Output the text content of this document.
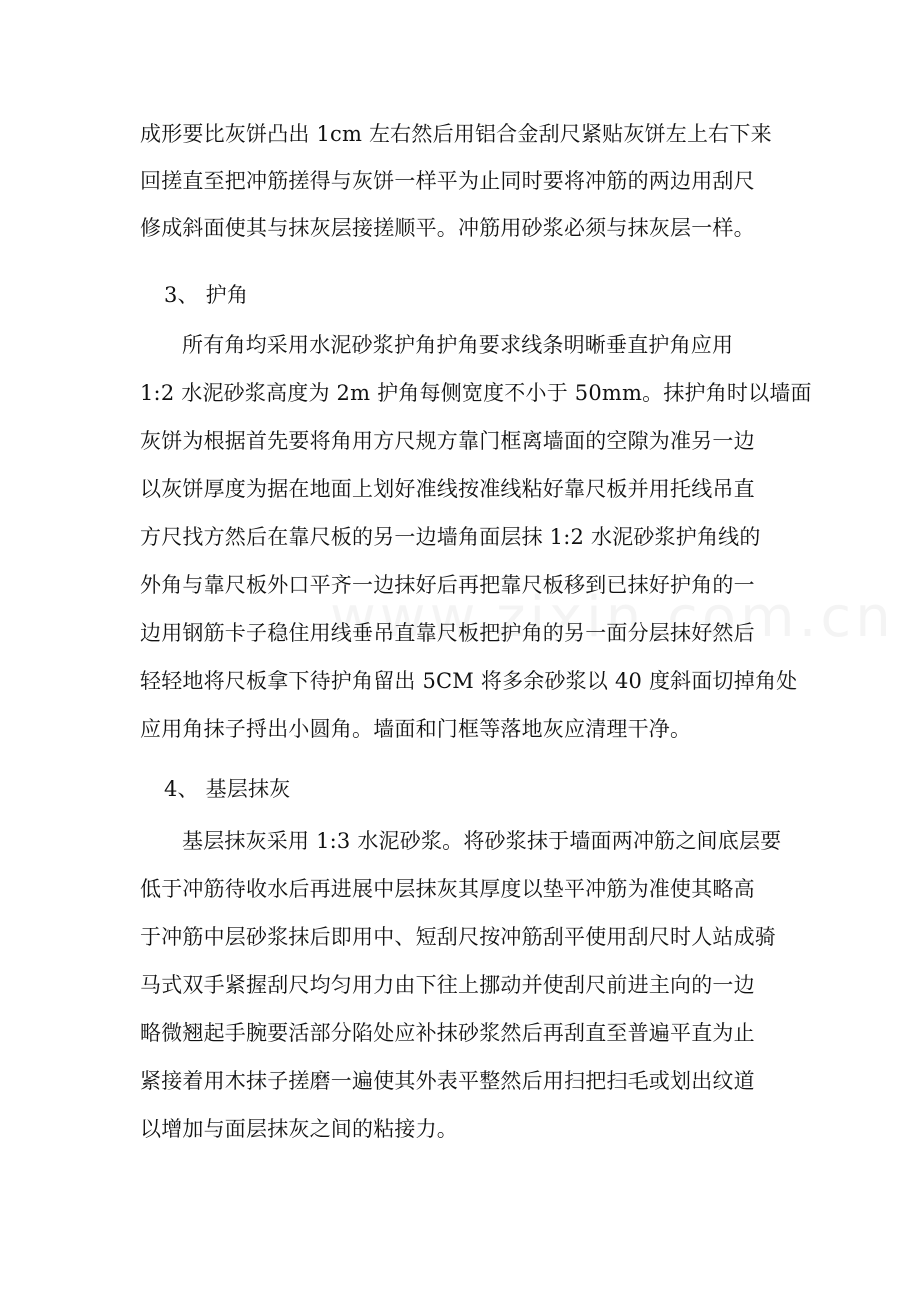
成形要比灰饼凸出 1cm 左右然后用铝合金刮尺紧贴灰饼左上右下来
回搓直至把冲筋搓得与灰饼一样平为止同时要将冲筋的两边用刮尺
修成斜面使其与抹灰层接搓顺平。冲筋用砂浆必须与抹灰层一样。
3、 护角
所有角均采用水泥砂浆护角护角要求线条明晰垂直护角应用
1:2 水泥砂浆高度为 2m 护角每侧宽度不小于 50mm。抹护角时以墙面
灰饼为根据首先要将角用方尺规方靠门框离墙面的空隙为准另一边
以灰饼厚度为据在地面上划好准线按准线粘好靠尺板并用托线吊直
方尺找方然后在靠尺板的另一边墙角面层抹 1:2 水泥砂浆护角线的
外角与靠尺板外口平齐一边抹好后再把靠尺板移到已抹好护角的一
边用钢筋卡子稳住用线垂吊直靠尺板把护角的另一面分层抹好然后
轻轻地将尺板拿下待护角留出 5CM 将多余砂浆以 40 度斜面切掉角处
应用角抹子捋出小圆角。墙面和门框等落地灰应清理干净。
4、 基层抹灰
基层抹灰采用 1:3 水泥砂浆。将砂浆抹于墙面两冲筋之间底层要
低于冲筋待收水后再进展中层抹灰其厚度以垫平冲筋为准使其略高
于冲筋中层砂浆抹后即用中、短刮尺按冲筋刮平使用刮尺时人站成骑
马式双手紧握刮尺均匀用力由下往上挪动并使刮尺前进主向的一边
略微翘起手腕要活部分陷处应补抹砂浆然后再刮直至普遍平直为止
紧接着用木抹子搓磨一遍使其外表平整然后用扫把扫毛或划出纹道
以增加与面层抹灰之间的粘接力。
